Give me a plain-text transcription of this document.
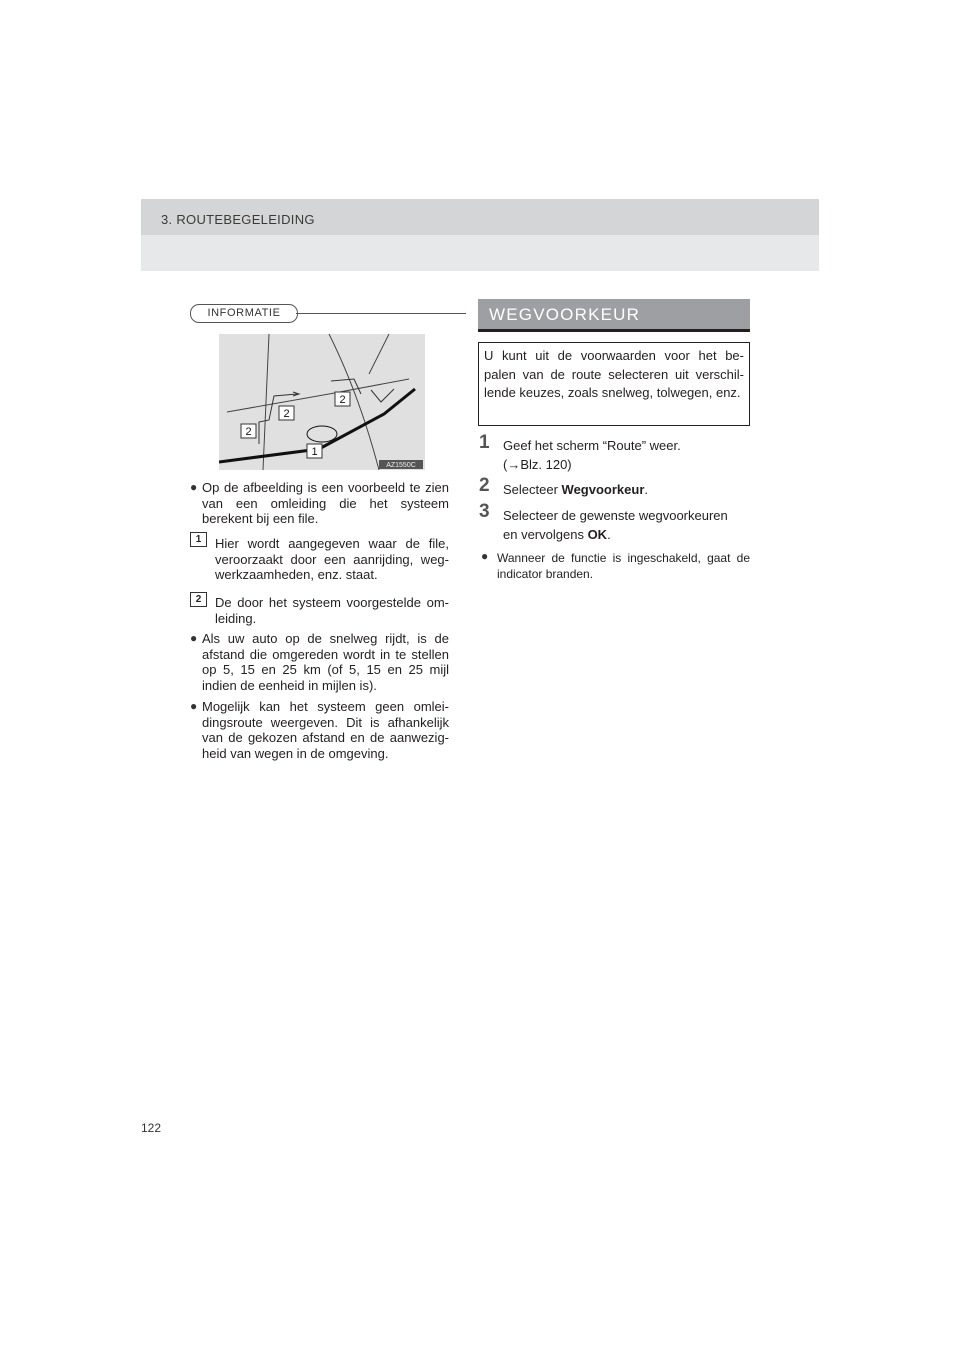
3. ROUTEBEGELEIDING
INFORMATIE
2
2
2
1
AZ1550C
● Op de afbeelding is een voorbeeld te zien van een omleiding die het systeem berekent bij een file.
1	Hier wordt aangegeven waar de file, veroorzaakt door een aanrijding, weg- werkzaamheden, enz. staat.
2	De door het systeem voorgestelde om- leiding.
● Als uw auto op de snelweg rijdt, is de afstand die omgereden wordt in te stellen op 5, 15 en 25 km (of 5, 15 en 25 mijl indien de eenheid in mijlen is).
● Mogelijk kan het systeem geen omlei- dingsroute weergeven. Dit is afhankelijk van de gekozen afstand en de aanwezig- heid van wegen in de omgeving.
WEGVOORKEUR
U kunt uit de voorwaarden voor het be- palen van de route selecteren uit verschil- lende keuzes, zoals snelweg, tolwegen, enz.
1 Geef het scherm “Route” weer.
(→Blz. 120)
2 Selecteer Wegvoorkeur.
3 Selecteer de gewenste wegvoorkeuren
en vervolgens OK.
● Wanneer de functie is ingeschakeld, gaat de indicator branden.
122
